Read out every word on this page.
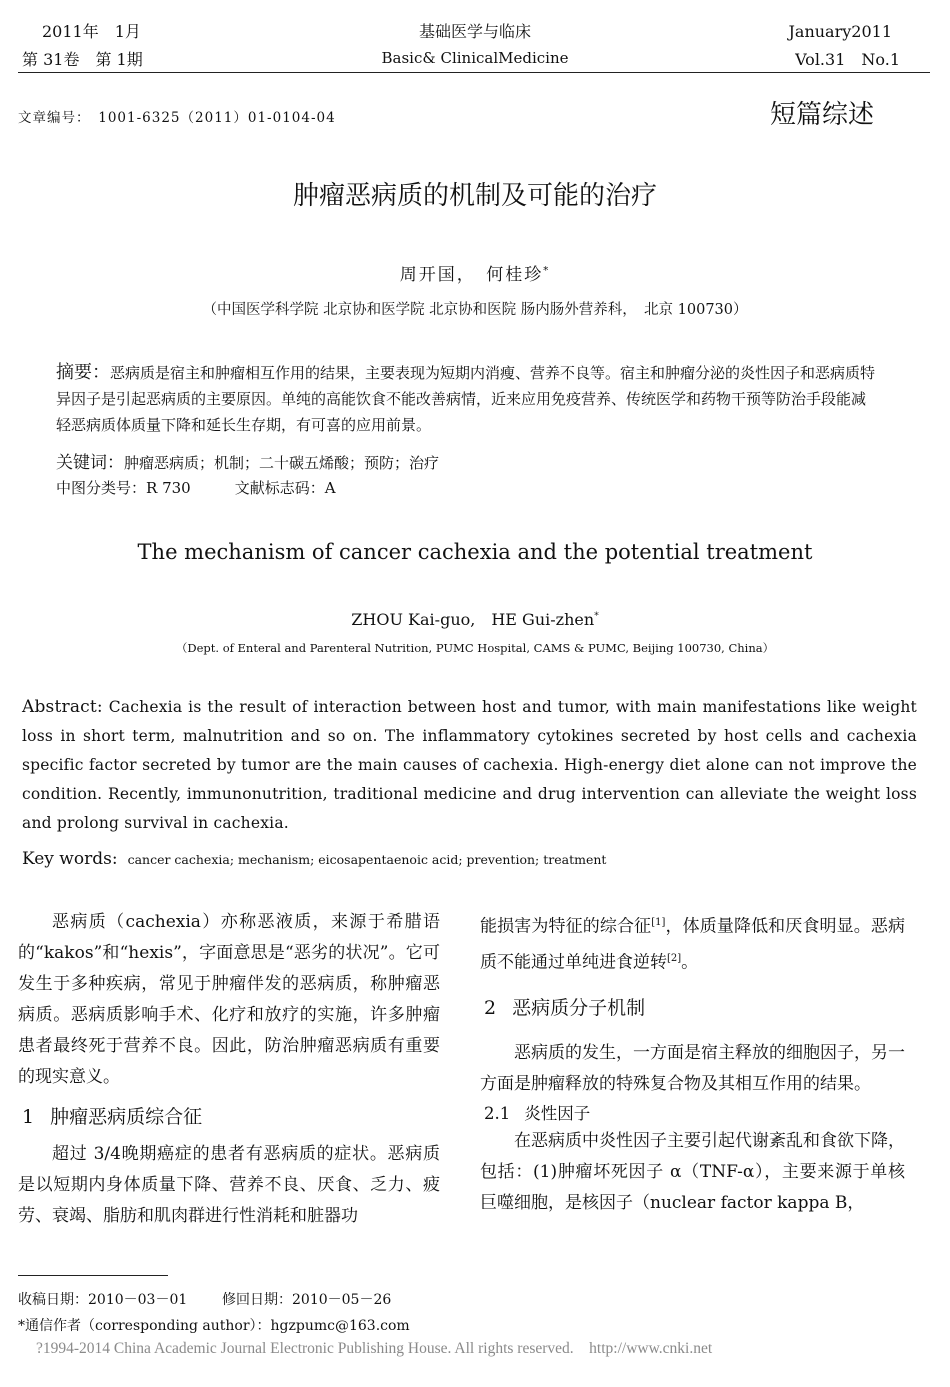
2011年　1月
第 31卷　第 1期
基础医学与临床
Basic& ClinicalMedicine
January2011
Vol.31　No.1
文章编号：　1001-6325（2011）01-0104-04	短篇综述
肿瘤恶病质的机制及可能的治疗
周开国，　何桂珍*
（中国医学科学院 北京协和医学院 北京协和医院 肠内肠外营养科，　北京 100730）
摘要：恶病质是宿主和肿瘤相互作用的结果，主要表现为短期内消瘦、营养不良等。宿主和肿瘤分泌的炎性因子和恶病质特异因子是引起恶病质的主要原因。单纯的高能饮食不能改善病情，近来应用免疫营养、传统医学和药物干预等防治手段能减轻恶病质体质量下降和延长生存期，有可喜的应用前景。
关键词：肿瘤恶病质；机制；二十碳五烯酸；预防；治疗
中图分类号：R 730	文献标志码：A
The mechanism of cancer cachexia and the potential treatment
ZHOU Kai-guo,　HE Gui-zhen*
（Dept. of Enteral and Parenteral Nutrition, PUMC Hospital, CAMS & PUMC, Beijing 100730, China）
Abstract: Cachexia is the result of interaction between host and tumor, with main manifestations like weight loss in short term, malnutrition and so on. The inflammatory cytokines secreted by host cells and cachexia specific factor secreted by tumor are the main causes of cachexia. High-energy diet alone can not improve the condition. Recently, immunonutrition, traditional medicine and drug intervention can alleviate the weight loss and prolong survival in cachexia.
Key words: cancer cachexia; mechanism; eicosapentaenoic acid; prevention; treatment

恶病质（cachexia）亦称恶液质，来源于希腊语的“kakos”和“hexis”，字面意思是“恶劣的状况”。它可发生于多种疾病，常见于肿瘤伴发的恶病质，称肿瘤恶病质。恶病质影响手术、化疗和放疗的实施，许多肿瘤患者最终死于营养不良。因此，防治肿瘤恶病质有重要的现实意义。

1 肿瘤恶病质综合征

超过 3/4晚期癌症的患者有恶病质的症状。恶病质是以短期内身体质量下降、营养不良、厌食、乏力、疲劳、衰竭、脂肪和肌肉群进行性消耗和脏器功

能损害为特征的综合征[1]，体质量降低和厌食明显。恶病质不能通过单纯进食逆转[2]。

2 恶病质分子机制

恶病质的发生，一方面是宿主释放的细胞因子，另一方面是肿瘤释放的特殊复合物及其相互作用的结果。

2.1 炎性因子

在恶病质中炎性因子主要引起代谢紊乱和食欲下降，包括：(1)肿瘤坏死因子 α（TNF-α），主要来源于单核巨噬细胞，是核因子（nuclear factor kappa B，

收稿日期：2010－03－01 修回日期：2010－05－26
*通信作者（corresponding author）：hgzpumc@163.com
?1994-2014 China Academic Journal Electronic Publishing House. All rights reserved.　http://www.cnki.net
